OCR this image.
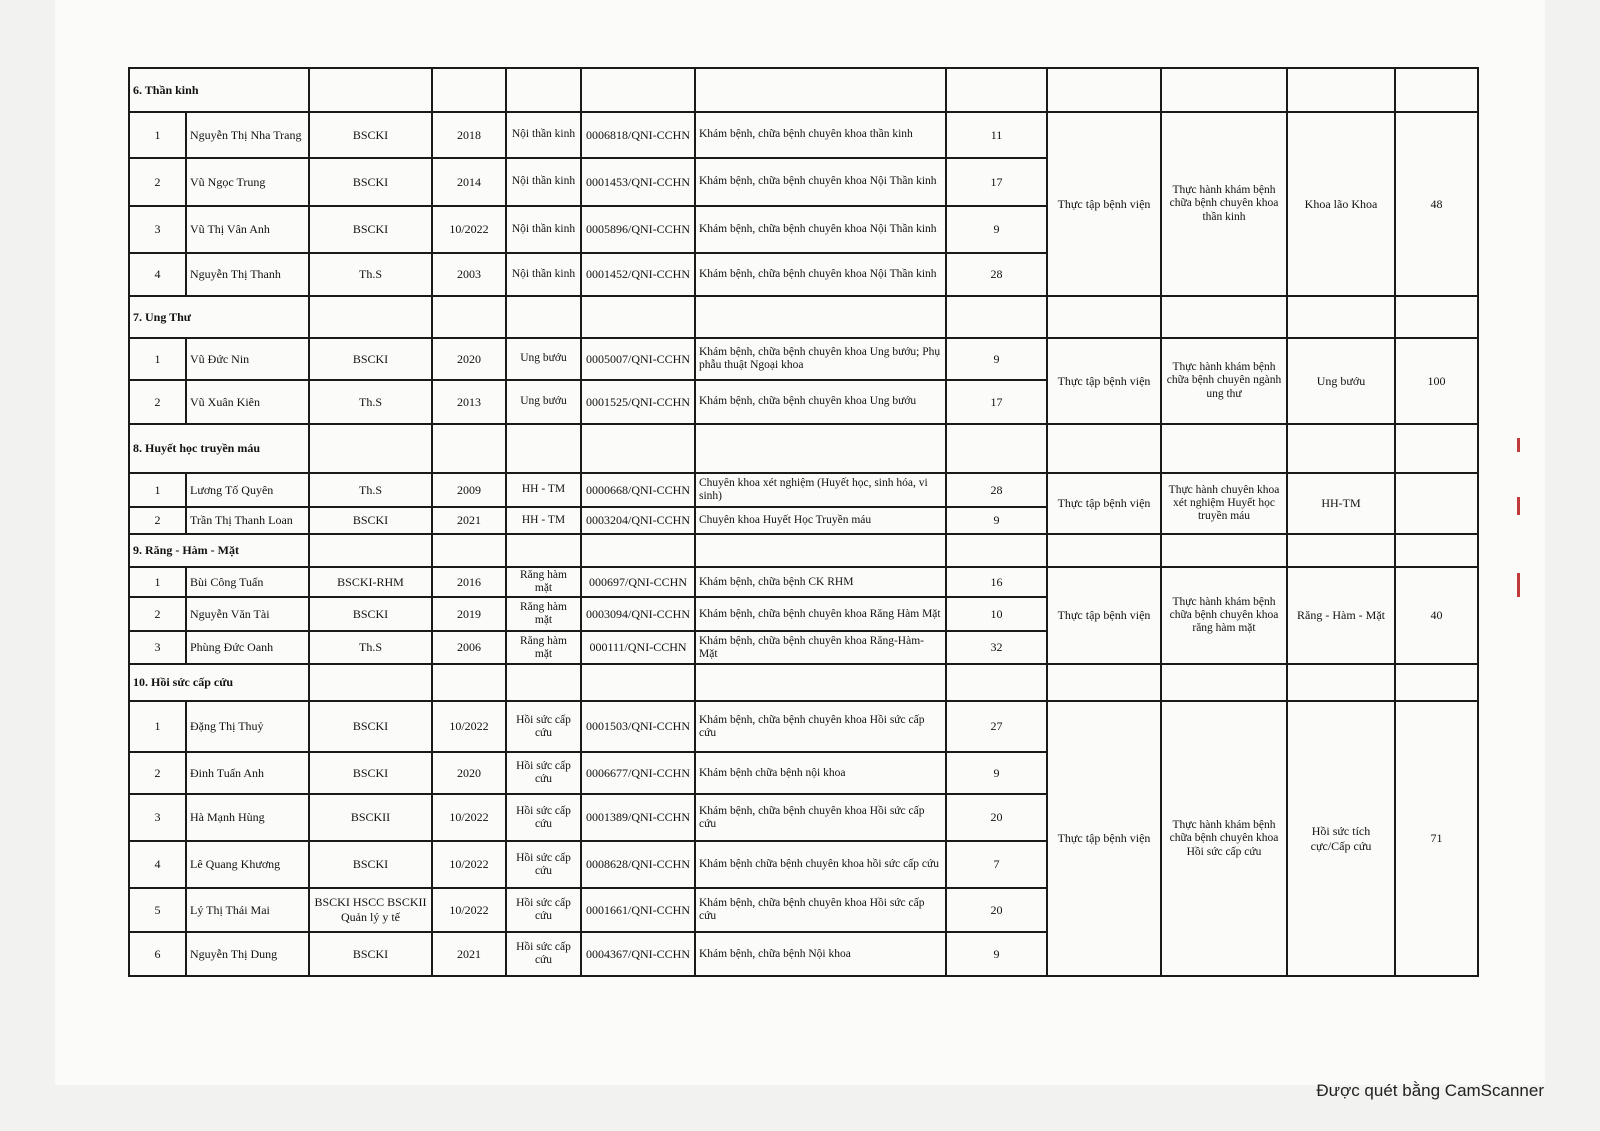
6. Thần kinh											
1	Nguyễn Thị Nha Trang	BSCKI	2018	Nội thần kinh	0006818/QNI-CCHN	Khám bệnh, chữa bệnh chuyên khoa thần kinh	11	Thực tập bệnh viện	Thực hành khám bệnh chữa bệnh chuyên khoa thần kinh	Khoa lão Khoa	48
2	Vũ Ngọc Trung	BSCKI	2014	Nội thần kinh	0001453/QNI-CCHN	Khám bệnh, chữa bệnh chuyên khoa Nội Thần kinh	17				
3	Vũ Thị Vân Anh	BSCKI	10/2022	Nội thần kinh	0005896/QNI-CCHN	Khám bệnh, chữa bệnh chuyên khoa Nội Thần kinh	9				
4	Nguyễn Thị Thanh	Th.S	2003	Nội thần kinh	0001452/QNI-CCHN	Khám bệnh, chữa bệnh chuyên khoa Nội Thần kinh	28				
7. Ung Thư											
1	Vũ Đức Nin	BSCKI	2020	Ung bướu	0005007/QNI-CCHN	Khám bệnh, chữa bệnh chuyên khoa Ung bướu; Phụ phẫu thuật Ngoại khoa	9	Thực tập bệnh viện	Thực hành khám bệnh chữa bệnh chuyên ngành ung thư	Ung bướu	100
2	Vũ Xuân Kiên	Th.S	2013	Ung bướu	0001525/QNI-CCHN	Khám bệnh, chữa bệnh chuyên khoa Ung bướu	17				
8. Huyết học truyền máu											
1	Lương Tố Quyên	Th.S	2009	HH - TM	0000668/QNI-CCHN	Chuyên khoa xét nghiệm (Huyết học, sinh hóa, vi sinh)	28	Thực tập bệnh viện	Thực hành chuyên khoa xét nghiệm Huyết học truyền máu	HH-TM	
2	Trần Thị Thanh Loan	BSCKI	2021	HH - TM	0003204/QNI-CCHN	Chuyên khoa Huyết Học Truyền máu	9				
9. Răng - Hàm - Mặt											
1	Bùi Công Tuấn	BSCKI-RHM	2016	Răng hàm mặt	000697/QNI-CCHN	Khám bệnh, chữa bệnh CK RHM	16	Thực tập bệnh viện	Thực hành khám bệnh chữa bệnh chuyên khoa răng hàm mặt	Răng - Hàm - Mặt	40
2	Nguyễn Văn Tài	BSCKI	2019	Răng hàm mặt	0003094/QNI-CCHN	Khám bệnh, chữa bệnh chuyên khoa Răng Hàm Mặt	10				
3	Phùng Đức Oanh	Th.S	2006	Răng hàm mặt	000111/QNI-CCHN	Khám bệnh, chữa bệnh chuyên khoa Răng-Hàm-Mặt	32				
10. Hồi sức cấp cứu											
1	Đặng Thị Thuỷ	BSCKI	10/2022	Hồi sức cấp cứu	0001503/QNI-CCHN	Khám bệnh, chữa bệnh chuyên khoa Hồi sức cấp cứu	27	Thực tập bệnh viện	Thực hành khám bệnh chữa bệnh chuyên khoa Hồi sức cấp cứu	Hồi sức tích cực/Cấp cứu	71
2	Đinh Tuấn Anh	BSCKI	2020	Hồi sức cấp cứu	0006677/QNI-CCHN	Khám bệnh chữa bệnh nội khoa	9				
3	Hà Mạnh Hùng	BSCKII	10/2022	Hồi sức cấp cứu	0001389/QNI-CCHN	Khám bệnh, chữa bệnh chuyên khoa Hồi sức cấp cứu	20				
4	Lê Quang Khương	BSCKI	10/2022	Hồi sức cấp cứu	0008628/QNI-CCHN	Khám bệnh chữa bệnh chuyên khoa hồi sức cấp cứu	7				
5	Lý Thị Thái Mai	BSCKI HSCC BSCKII Quản lý y tế	10/2022	Hồi sức cấp cứu	0001661/QNI-CCHN	Khám bệnh, chữa bệnh chuyên khoa Hồi sức cấp cứu	20				
6	Nguyễn Thị Dung	BSCKI	2021	Hồi sức cấp cứu	0004367/QNI-CCHN	Khám bệnh, chữa bệnh Nội khoa	9				
Được quét bằng CamScanner
